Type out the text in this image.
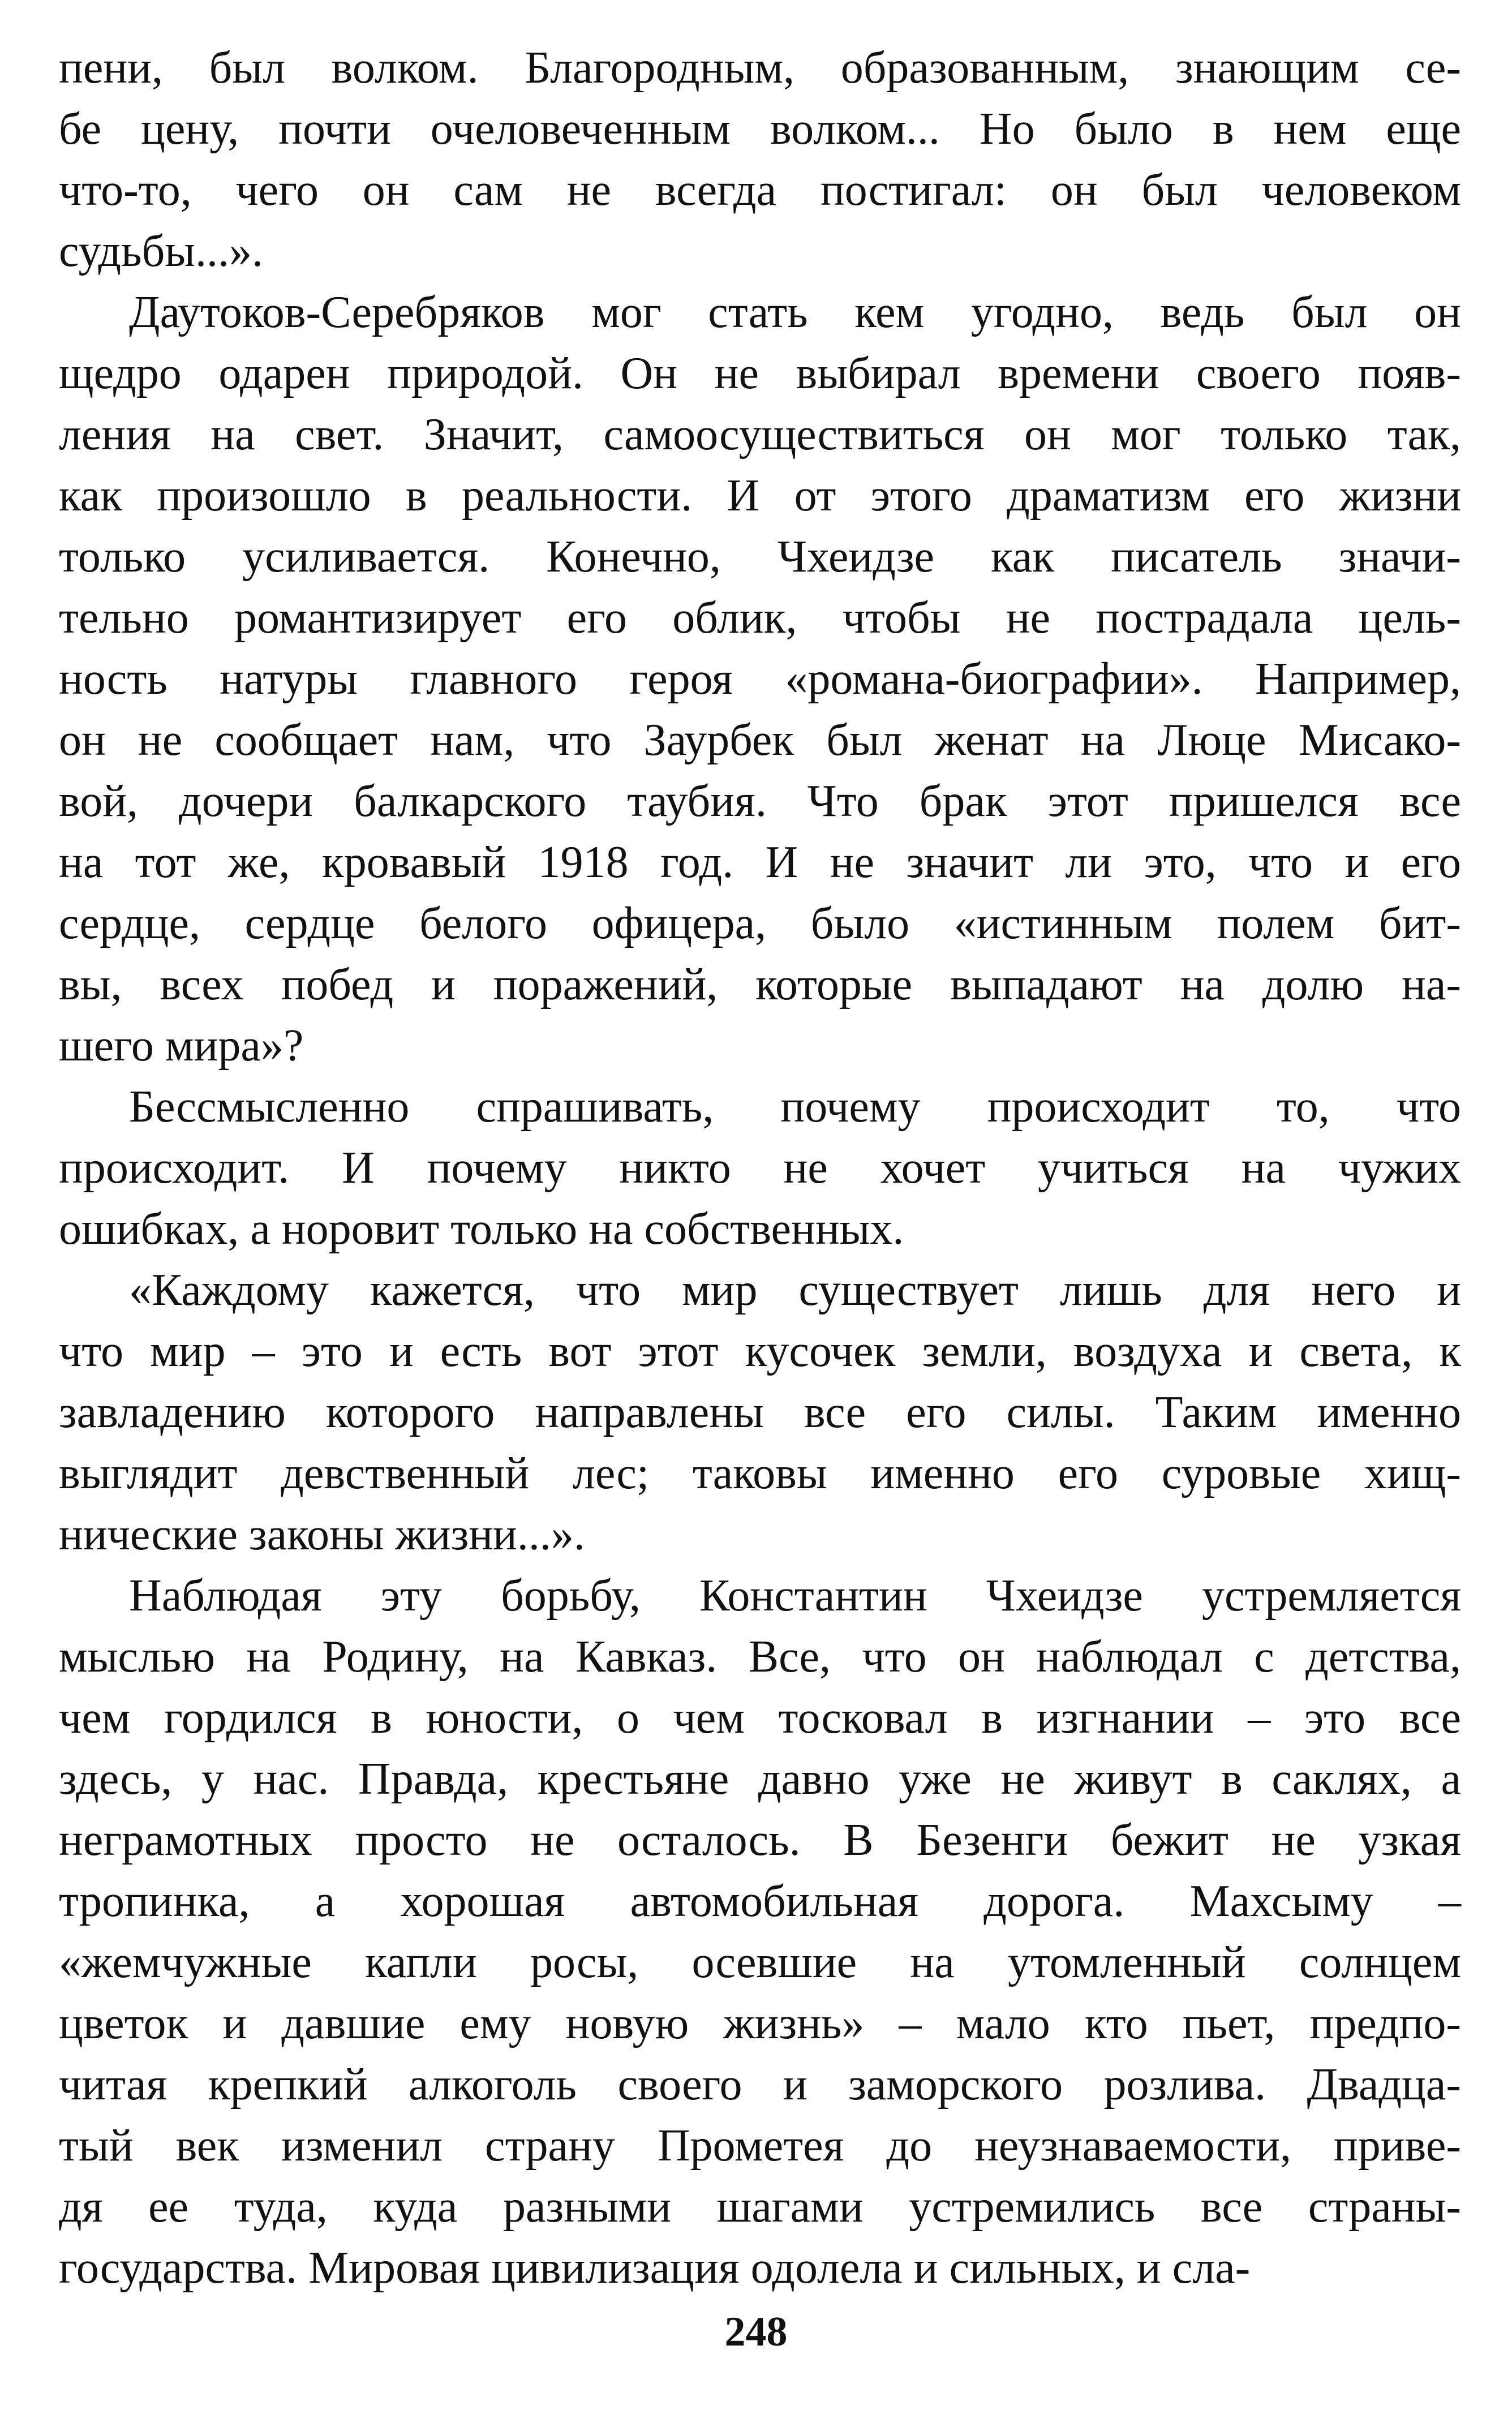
пени, был волком. Благородным, образованным, знающим се-
бе цену, почти очеловеченным волком... Но было в нем еще
что-то, чего он сам не всегда постигал: он был человеком
судьбы...».
Даутоков-Серебряков мог стать кем угодно, ведь был он
щедро одарен природой. Он не выбирал времени своего появ-
ления на свет. Значит, самоосуществиться он мог только так,
как произошло в реальности. И от этого драматизм его жизни
только усиливается. Конечно, Чхеидзе как писатель значи-
тельно романтизирует его облик, чтобы не пострадала цель-
ность натуры главного героя «романа-биографии». Например,
он не сообщает нам, что Заурбек был женат на Люце Мисако-
вой, дочери балкарского таубия. Что брак этот пришелся все
на тот же, кровавый 1918 год. И не значит ли это, что и его
сердце, сердце белого офицера, было «истинным полем бит-
вы, всех побед и поражений, которые выпадают на долю на-
шего мира»?
Бессмысленно спрашивать, почему происходит то, что
происходит. И почему никто не хочет учиться на чужих
ошибках, а норовит только на собственных.
«Каждому кажется, что мир существует лишь для него и
что мир – это и есть вот этот кусочек земли, воздуха и света, к
завладению которого направлены все его силы. Таким именно
выглядит девственный лес; таковы именно его суровые хищ-
нические законы жизни...».
Наблюдая эту борьбу, Константин Чхеидзе устремляется
мыслью на Родину, на Кавказ. Все, что он наблюдал с детства,
чем гордился в юности, о чем тосковал в изгнании – это все
здесь, у нас. Правда, крестьяне давно уже не живут в саклях, а
неграмотных просто не осталось. В Безенги бежит не узкая
тропинка, а хорошая автомобильная дорога. Махсыму –
«жемчужные капли росы, осевшие на утомленный солнцем
цветок и давшие ему новую жизнь» – мало кто пьет, предпо-
читая крепкий алкоголь своего и заморского розлива. Двадца-
тый век изменил страну Прометея до неузнаваемости, приве-
дя ее туда, куда разными шагами устремились все страны-
государства. Мировая цивилизация одолела и сильных, и сла-
248
